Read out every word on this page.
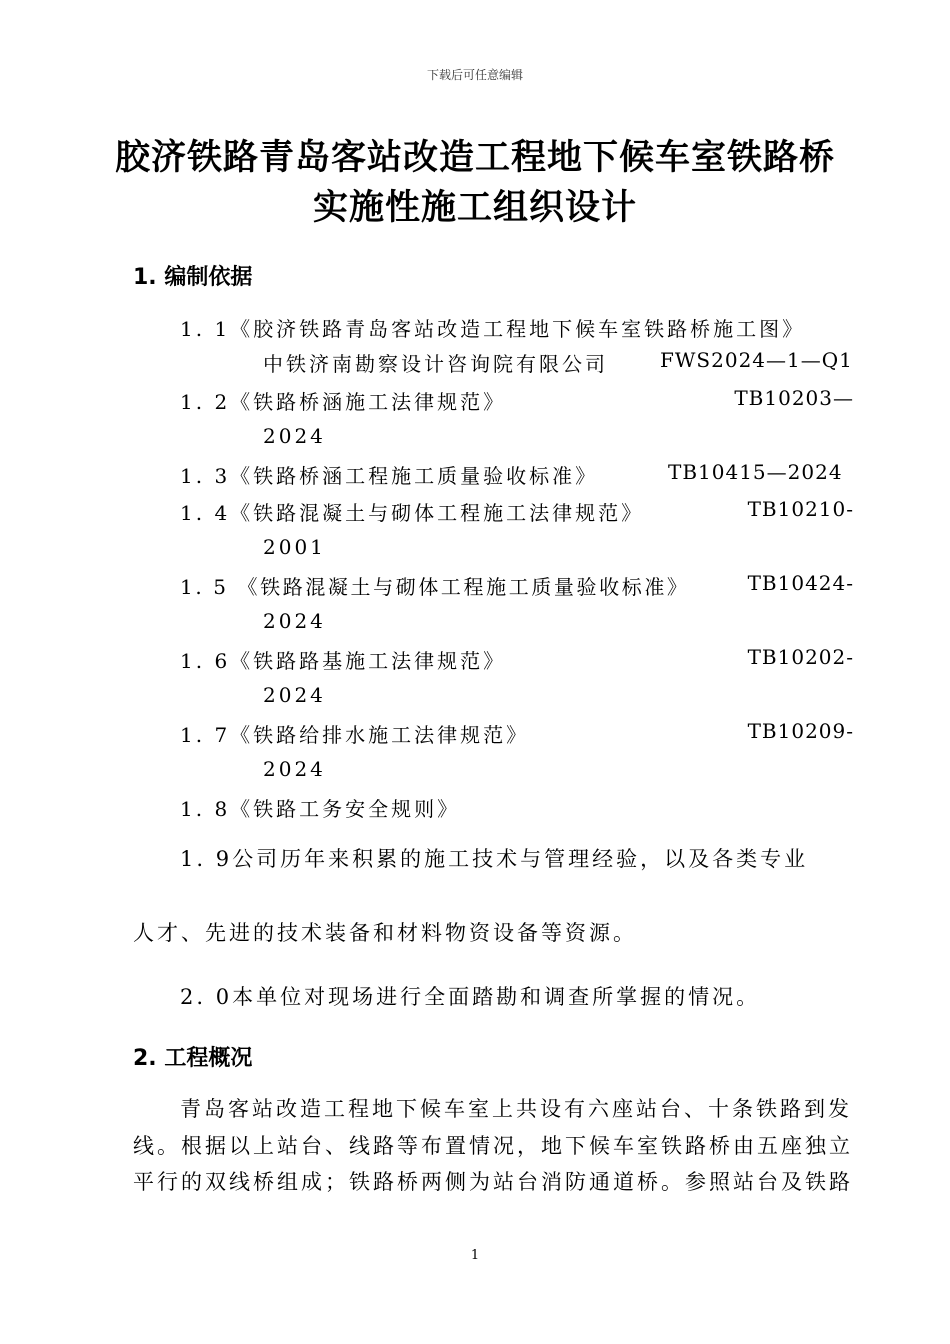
下载后可任意编辑
胶济铁路青岛客站改造工程地下候车室铁路桥
实施性施工组织设计
1. 编制依据
1. 1《胶济铁路青岛客站改造工程地下候车室铁路桥施工图》
中铁济南勘察设计咨询院有限公司	FWS2024—1—Q1
1. 2《铁路桥涵施工法律规范》	TB10203—
2024
1. 3《铁路桥涵工程施工质量验收标准》	TB10415—2024
1. 4《铁路混凝土与砌体工程施工法律规范》	TB10210-
2001
1. 5 《铁路混凝土与砌体工程施工质量验收标准》	TB10424-
2024
1. 6《铁路路基施工法律规范》	TB10202-
2024
1. 7《铁路给排水施工法律规范》	TB10209-
2024
1. 8《铁路工务安全规则》
1. 9公司历年来积累的施工技术与管理经验，以及各类专业
人才、先进的技术装备和材料物资设备等资源。
2. 0本单位对现场进行全面踏勘和调查所掌握的情况。
2. 工程概况
青岛客站改造工程地下候车室上共设有六座站台、十条铁路到发
线。根据以上站台、线路等布置情况，地下候车室铁路桥由五座独立
平行的双线桥组成；铁路桥两侧为站台消防通道桥。参照站台及铁路
1
